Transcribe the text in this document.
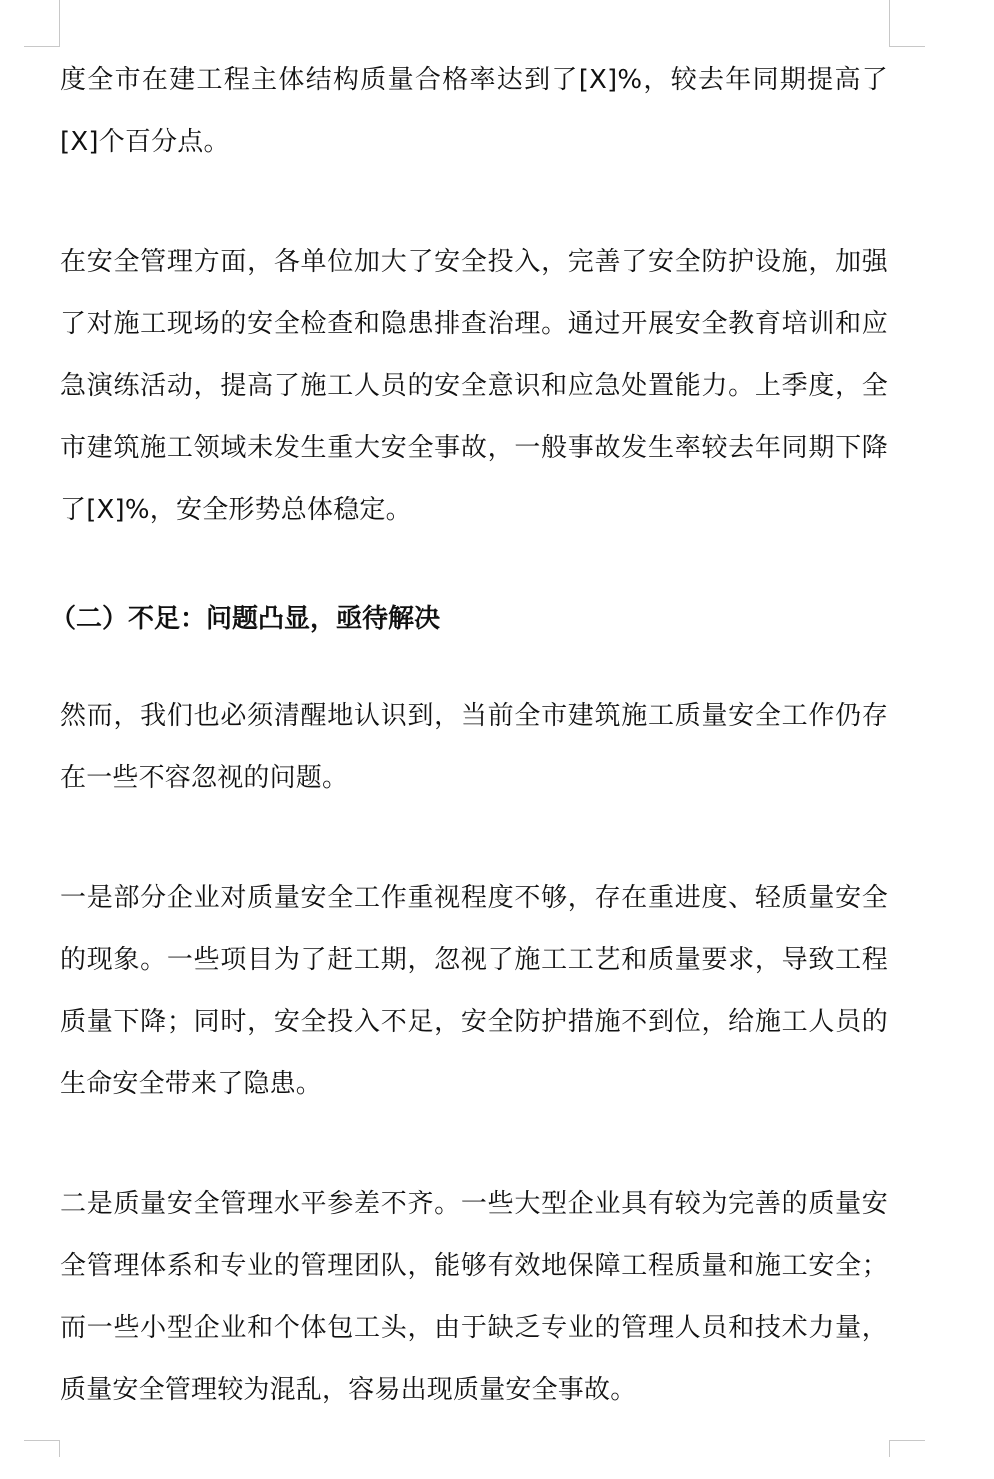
度全市在建工程主体结构质量合格率达到了[X]%，较去年同期提高了[X]个百分点。

在安全管理方面，各单位加大了安全投入，完善了安全防护设施，加强了对施工现场的安全检查和隐患排查治理。通过开展安全教育培训和应急演练活动，提高了施工人员的安全意识和应急处置能力。上季度，全市建筑施工领域未发生重大安全事故，一般事故发生率较去年同期下降了[X]%，安全形势总体稳定。

（二）不足：问题凸显，亟待解决

然而，我们也必须清醒地认识到，当前全市建筑施工质量安全工作仍存在一些不容忽视的问题。

一是部分企业对质量安全工作重视程度不够，存在重进度、轻质量安全的现象。一些项目为了赶工期，忽视了施工工艺和质量要求，导致工程质量下降；同时，安全投入不足，安全防护措施不到位，给施工人员的生命安全带来了隐患。

二是质量安全管理水平参差不齐。一些大型企业具有较为完善的质量安全管理体系和专业的管理团队，能够有效地保障工程质量和施工安全；而一些小型企业和个体包工头，由于缺乏专业的管理人员和技术力量，质量安全管理较为混乱，容易出现质量安全事故。
